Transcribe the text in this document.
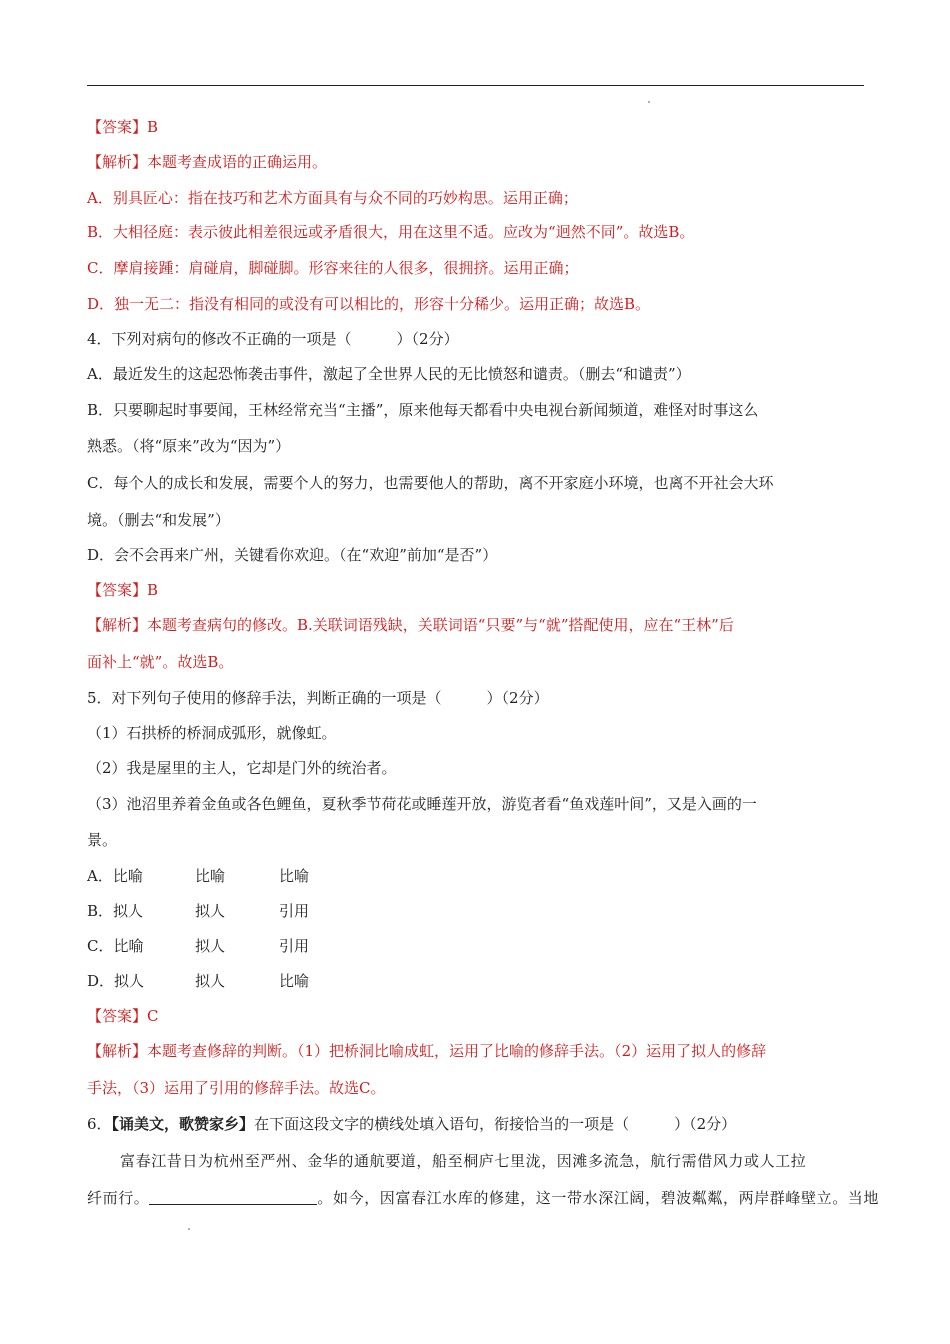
【答案】B
【解析】本题考查成语的正确运用。
A．别具匠心：指在技巧和艺术方面具有与众不同的巧妙构思。运用正确；
B．大相径庭：表示彼此相差很远或矛盾很大，用在这里不适。应改为“迥然不同”。故选B。
C．摩肩接踵：肩碰肩，脚碰脚。形容来往的人很多，很拥挤。运用正确；
D．独一无二：指没有相同的或没有可以相比的，形容十分稀少。运用正确；故选B。
4．下列对病句的修改不正确的一项是（　　　）（2分）
A．最近发生的这起恐怖袭击事件，激起了全世界人民的无比愤怒和谴责。（删去“和谴责”）
B．只要聊起时事要闻，王林经常充当“主播”，原来他每天都看中央电视台新闻频道，难怪对时事这么
熟悉。（将“原来”改为“因为”）
C．每个人的成长和发展，需要个人的努力，也需要他人的帮助，离不开家庭小环境，也离不开社会大环
境。（删去“和发展”）
D．会不会再来广州，关键看你欢迎。（在“欢迎”前加“是否”）
【答案】B
【解析】本题考查病句的修改。B.关联词语残缺，关联词语“只要”与“就”搭配使用，应在“王林”后
面补上“就”。故选B。
5．对下列句子使用的修辞手法，判断正确的一项是（　　　）（2分）
（1）石拱桥的桥洞成弧形，就像虹。
（2）我是屋里的主人，它却是门外的统治者。
（3）池沼里养着金鱼或各色鲤鱼，夏秋季节荷花或睡莲开放，游览者看“鱼戏莲叶间”，又是入画的一
景。
A．比喻	比喻	比喻
B．拟人	拟人	引用
C．比喻	拟人	引用
D．拟人	拟人	比喻
【答案】C
【解析】本题考查修辞的判断。（1）把桥洞比喻成虹，运用了比喻的修辞手法。（2）运用了拟人的修辞
手法，（3）运用了引用的修辞手法。故选C。
6．【诵美文，歌赞家乡】在下面这段文字的横线处填入语句，衔接恰当的一项是（　　　）（2分）
富春江昔日为杭州至严州、金华的通航要道，船至桐庐七里泷，因滩多流急，航行需借风力或人工拉
纤而行。	。如今，因富春江水库的修建，这一带水深江阔，碧波粼粼，两岸群峰壁立。当地
